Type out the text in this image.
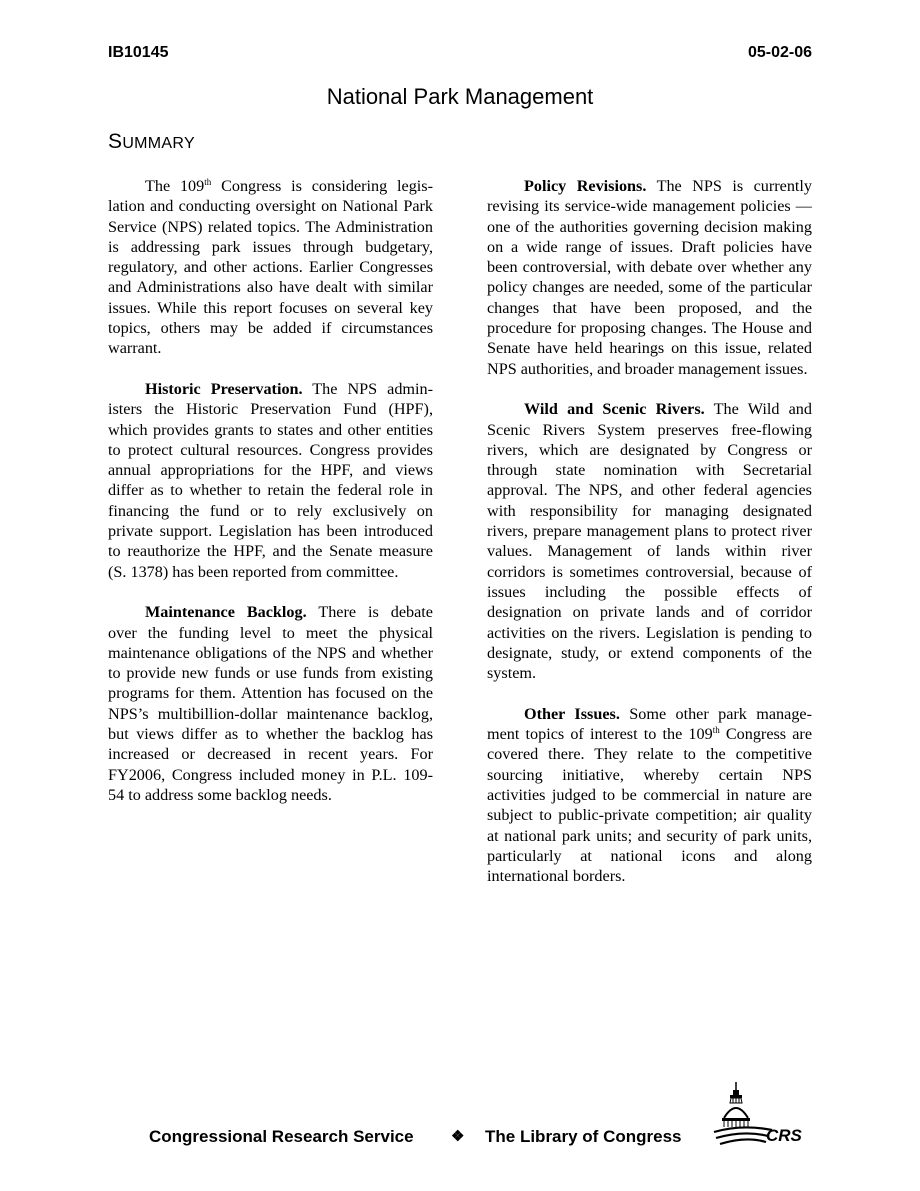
IB10145	05-02-06
National Park Management
SUMMARY

The 109th Congress is considering legislation and conducting oversight on National Park Service (NPS) related topics. The Administration is addressing park issues through budgetary, regulatory, and other actions. Earlier Congresses and Administrations also have dealt with similar issues. While this report focuses on several key topics, others may be added if circumstances warrant.

Historic Preservation. The NPS administers the Historic Preservation Fund (HPF), which provides grants to states and other entities to protect cultural resources. Congress provides annual appropriations for the HPF, and views differ as to whether to retain the federal role in financing the fund or to rely exclusively on private support. Legislation has been introduced to reauthorize the HPF, and the Senate measure (S. 1378) has been reported from committee.

Maintenance Backlog. There is debate over the funding level to meet the physical maintenance obligations of the NPS and whether to provide new funds or use funds from existing programs for them. Attention has focused on the NPS’s multibillion-dollar maintenance backlog, but views differ as to whether the backlog has increased or decreased in recent years. For FY2006, Congress included money in P.L. 109-54 to address some backlog needs.

Policy Revisions. The NPS is currently revising its service-wide management policies — one of the authorities governing decision making on a wide range of issues. Draft policies have been controversial, with debate over whether any policy changes are needed, some of the particular changes that have been proposed, and the procedure for proposing changes. The House and Senate have held hearings on this issue, related NPS authorities, and broader management issues.

Wild and Scenic Rivers. The Wild and Scenic Rivers System preserves free-flowing rivers, which are designated by Congress or through state nomination with Secretarial approval. The NPS, and other federal agencies with responsibility for managing designated rivers, prepare management plans to protect river values. Management of lands within river corridors is sometimes controversial, because of issues including the possible effects of designation on private lands and of corridor activities on the rivers. Legislation is pending to designate, study, or extend components of the system.

Other Issues. Some other park management topics of interest to the 109th Congress are covered there. They relate to the competitive sourcing initiative, whereby certain NPS activities judged to be commercial in nature are subject to public-private competition; air quality at national park units; and security of park units, particularly at national icons and along international borders.

Congressional Research Service ❖ The Library of Congress	CRS
